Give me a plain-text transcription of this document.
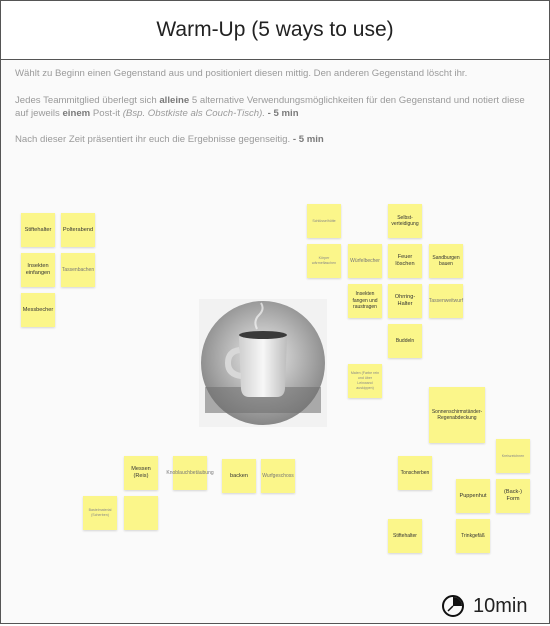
Warm-Up (5 ways to use)
Wählt zu Beginn einen Gegenstand aus und positioniert diesen mittig. Den anderen Gegenstand löscht ihr.
Jedes Teammitglied überlegt sich alleine 5 alternative Verwendungsmöglichkeiten für den Gegenstand und notiert diese auf jeweils einem Post-it (Bsp. Obstkiste als Couch-Tisch). - 5 min
Nach dieser Zeit präsentiert ihr euch die Ergebnisse gegenseitig. - 5 min
Stiftehalter	Polterabend
Insekten einfangen
Tassenbachen
Messbecher
Schlüsselhütte
Selbst-verteidigung
Körper wärmeflaschen	Würfelbecher
Feuer löschen
Sandburgen bauen
Insekten fangen und raustragen
Ohrring-Halter
Tassenweitwurf
Buddeln
Malen (Farbe rein und über Leinwand auskippen)
Sonnenschirmständer-Regenabdeckung
Kreiszeichnen
Messen (Reis)
Knoblauchbetäubung	backen	Wurfgeschoss	Tonscherben
Puppenhut
(Back-) Form
Bastelmaterial (Scherben)
Stiftehalter	Trinkgefäß
10min
